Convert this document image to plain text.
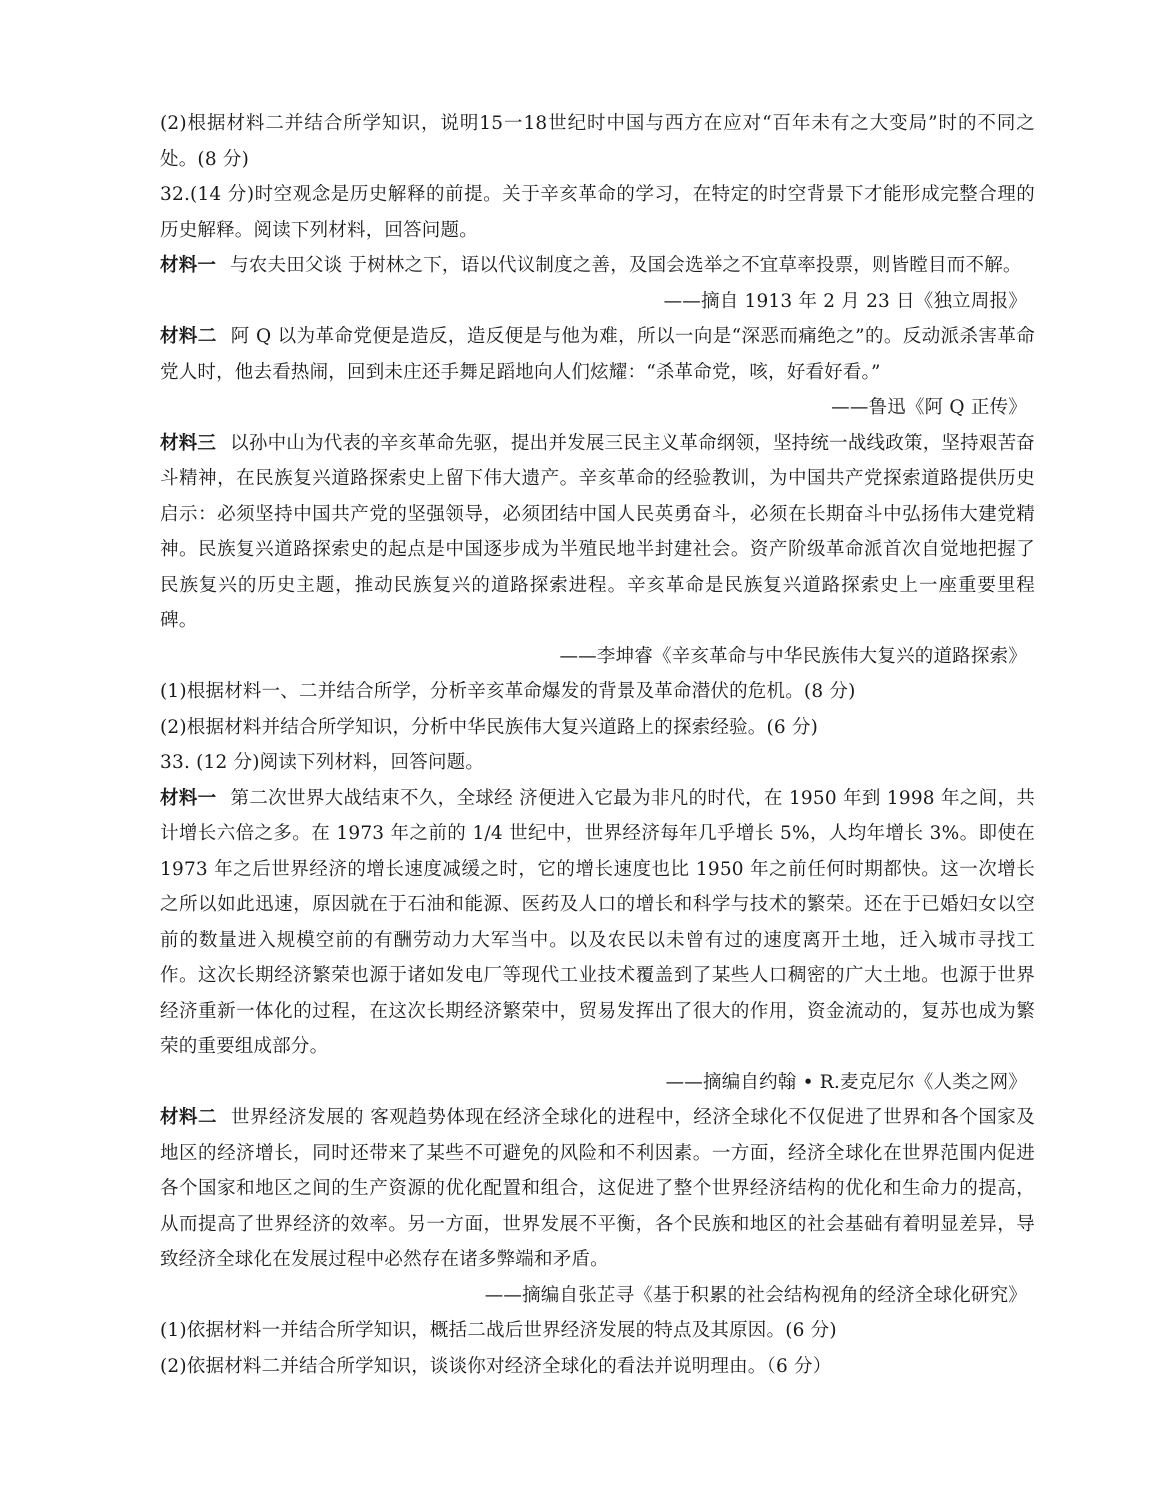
(2)根据材料二并结合所学知识，说明15一18世纪时中国与西方在应对“百年未有之大变局”时的不同之处。(8 分)

32.(14 分)时空观念是历史解释的前提。关于辛亥革命的学习，在特定的时空背景下才能形成完整合理的历史解释。阅读下列材料，回答问题。

材料一 与农夫田父谈 于树林之下，语以代议制度之善，及国会选举之不宜草率投票，则皆瞠目而不解。

——摘自 1913 年 2 月 23 日《独立周报》

材料二 阿 Q 以为革命党便是造反，造反便是与他为难，所以一向是“深恶而痛绝之”的。反动派杀害革命党人时，他去看热闹，回到未庄还手舞足蹈地向人们炫耀：“杀革命党，咳，好看好看。”

——鲁迅《阿 Q 正传》

材料三 以孙中山为代表的辛亥革命先驱，提出并发展三民主义革命纲领，坚持统一战线政策，坚持艰苦奋斗精神，在民族复兴道路探索史上留下伟大遗产。辛亥革命的经验教训，为中国共产党探索道路提供历史启示：必须坚持中国共产党的坚强领导，必须团结中国人民英勇奋斗，必须在长期奋斗中弘扬伟大建党精神。民族复兴道路探索史的起点是中国逐步成为半殖民地半封建社会。资产阶级革命派首次自觉地把握了民族复兴的历史主题，推动民族复兴的道路探索进程。辛亥革命是民族复兴道路探索史上一座重要里程碑。

——李坤睿《辛亥革命与中华民族伟大复兴的道路探索》

(1)根据材料一、二并结合所学，分析辛亥革命爆发的背景及革命潜伏的危机。(8 分)

(2)根据材料并结合所学知识，分析中华民族伟大复兴道路上的探索经验。(6 分)

33. (12 分)阅读下列材料，回答问题。

材料一 第二次世界大战结束不久，全球经 济便进入它最为非凡的时代，在 1950 年到 1998 年之间，共计增长六倍之多。在 1973 年之前的 1/4 世纪中，世界经济每年几乎增长 5%，人均年增长 3%。即使在 1973 年之后世界经济的增长速度减缓之时，它的增长速度也比 1950 年之前任何时期都快。这一次增长之所以如此迅速，原因就在于石油和能源、医药及人口的增长和科学与技术的繁荣。还在于已婚妇女以空前的数量进入规模空前的有酬劳动力大军当中。以及农民以未曾有过的速度离开土地，迁入城市寻找工作。这次长期经济繁荣也源于诸如发电厂等现代工业技术覆盖到了某些人口稠密的广大土地。也源于世界经济重新一体化的过程，在这次长期经济繁荣中，贸易发挥出了很大的作用，资金流动的，复苏也成为繁荣的重要组成部分。

——摘编自约翰 • R.麦克尼尔《人类之网》

材料二 世界经济发展的 客观趋势体现在经济全球化的进程中，经济全球化不仅促进了世界和各个国家及地区的经济增长，同时还带来了某些不可避免的风险和不利因素。一方面，经济全球化在世界范围内促进各个国家和地区之间的生产资源的优化配置和组合，这促进了整个世界经济结构的优化和生命力的提高，从而提高了世界经济的效率。另一方面，世界发展不平衡，各个民族和地区的社会基础有着明显差异，导致经济全球化在发展过程中必然存在诸多弊端和矛盾。

——摘编自张芷寻《基于积累的社会结构视角的经济全球化研究》

(1)依据材料一并结合所学知识，概括二战后世界经济发展的特点及其原因。(6 分)

(2)依据材料二并结合所学知识，谈谈你对经济全球化的看法并说明理由。（6 分）
